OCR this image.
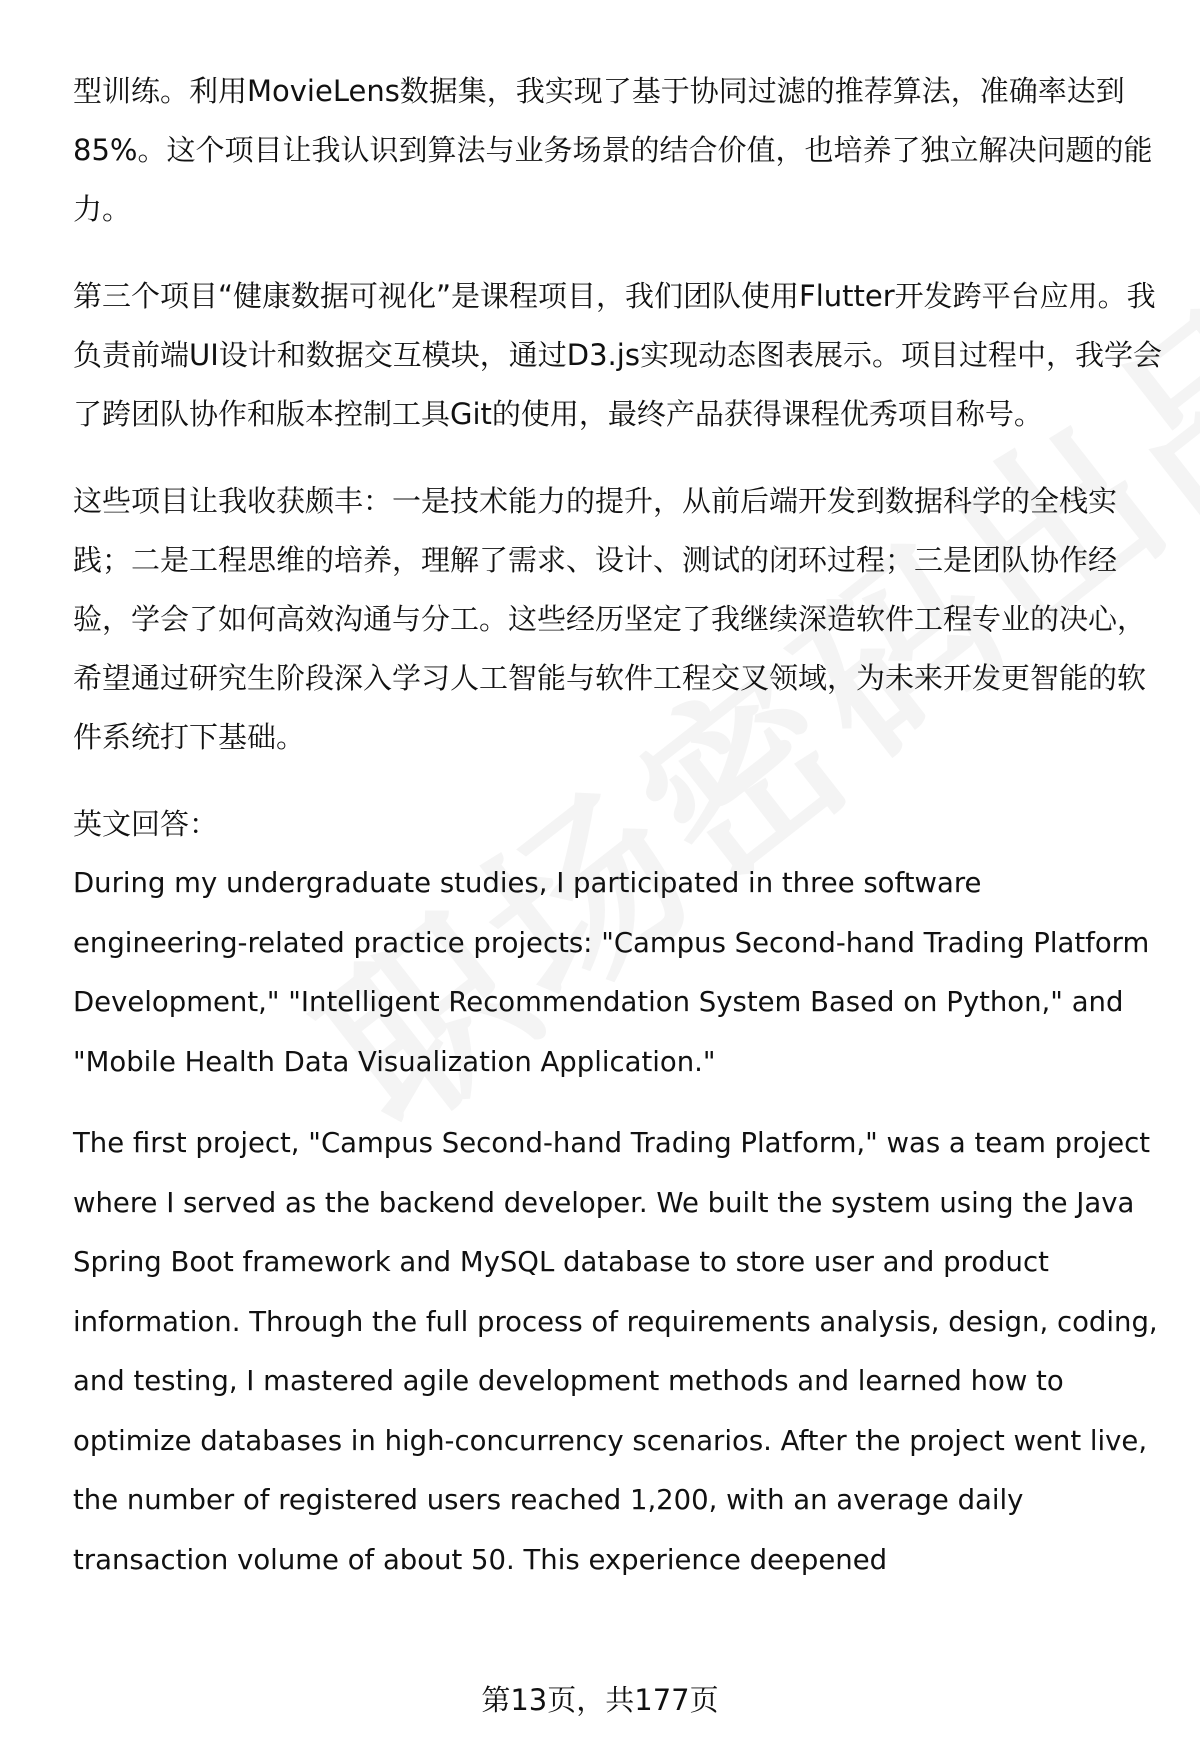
型训练。利用MovieLens数据集，我实现了基于协同过滤的推荐算法，准确率达到85%。这个项目让我认识到算法与业务场景的结合价值，也培养了独立解决问题的能力。

第三个项目“健康数据可视化”是课程项目，我们团队使用Flutter开发跨平台应用。我负责前端UI设计和数据交互模块，通过D3.js实现动态图表展示。项目过程中，我学会了跨团队协作和版本控制工具Git的使用，最终产品获得课程优秀项目称号。

这些项目让我收获颇丰：一是技术能力的提升，从前后端开发到数据科学的全栈实践；二是工程思维的培养，理解了需求、设计、测试的闭环过程；三是团队协作经验，学会了如何高效沟通与分工。这些经历坚定了我继续深造软件工程专业的决心，希望通过研究生阶段深入学习人工智能与软件工程交叉领域，为未来开发更智能的软件系统打下基础。

英文回答：

During my undergraduate studies, I participated in three software engineering-related practice projects: "Campus Second-hand Trading Platform Development," "Intelligent Recommendation System Based on Python," and "Mobile Health Data Visualization Application."

The first project, "Campus Second-hand Trading Platform," was a team project where I served as the backend developer. We built the system using the Java Spring Boot framework and MySQL database to store user and product information. Through the full process of requirements analysis, design, coding, and testing, I mastered agile development methods and learned how to optimize databases in high-concurrency scenarios. After the project went live, the number of registered users reached 1,200, with an average daily transaction volume of about 50. This experience deepened

第13页，共177页
